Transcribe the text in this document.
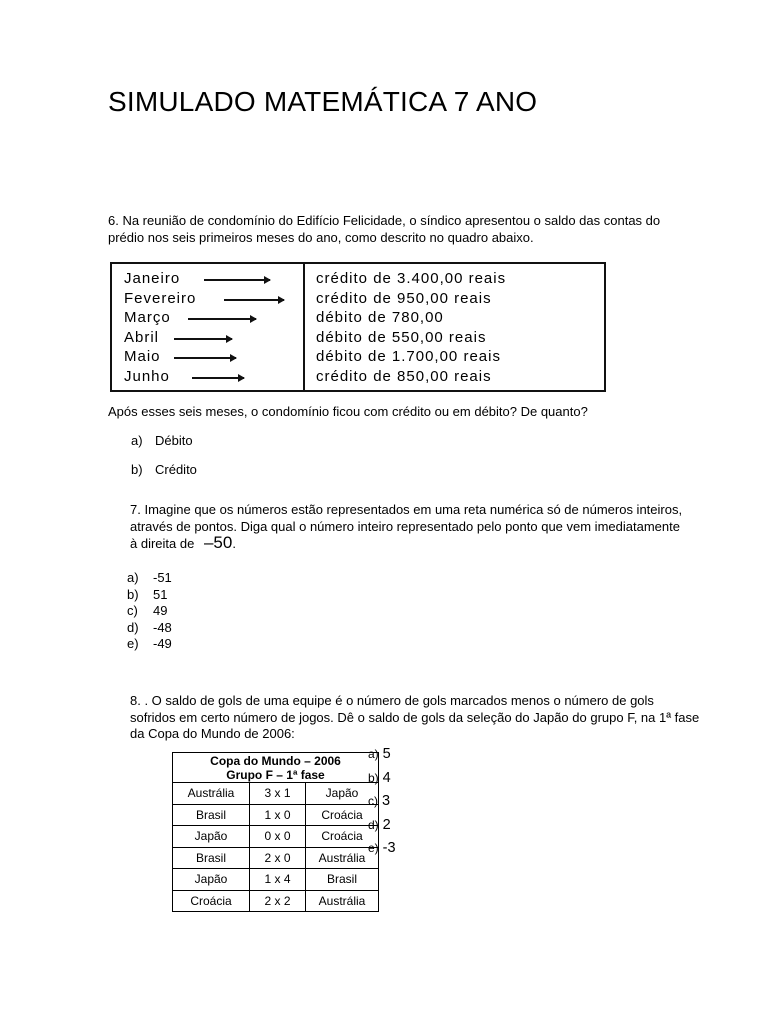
SIMULADO MATEMÁTICA 7 ANO
6. Na reunião de condomínio do Edifício Felicidade, o síndico apresentou o saldo das contas do prédio nos seis primeiros meses do ano, como descrito no quadro abaixo.
Janeiro	crédito de 3.400,00 reais
Fevereiro	crédito de 950,00 reais
Março	débito de 780,00
Abril	débito de 550,00 reais
Maio	débito de 1.700,00 reais
Junho	crédito de 850,00 reais
Após esses seis meses, o condomínio ficou com crédito ou em débito? De quanto?
a) Débito
b) Crédito
7. Imagine que os números estão representados em uma reta numérica só de números inteiros, através de pontos. Diga qual o número inteiro representado pelo ponto que vem imediatamente à direita de –50.
a) -51
b) 51
c) 49
d) -48
e) -49
8. . O saldo de gols de uma equipe é o número de gols marcados menos o número de gols sofridos em certo número de jogos. Dê o saldo de gols da seleção do Japão do grupo F, na 1ª fase da Copa do Mundo de 2006:
Copa do Mundo – 2006
Grupo F – 1ª fase		

Austrália	3 x 1	Japão
Brasil	1 x 0	Croácia
Japão	0 x 0	Croácia
Brasil	2 x 0	Austrália
Japão	1 x 4	Brasil
Croácia	2 x 2	Austrália
a) 5
b) 4
c) 3
d) 2
e) -3
